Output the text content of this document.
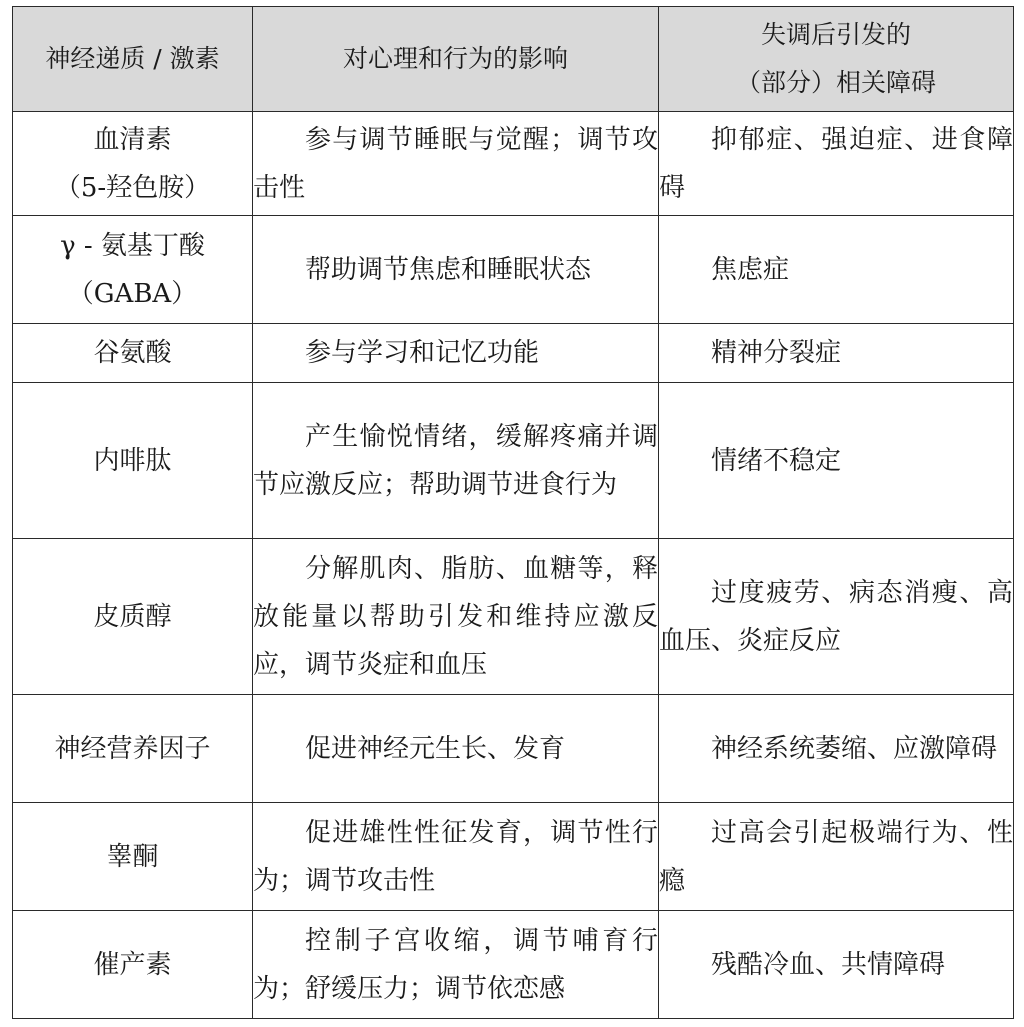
神经递质 / 激素	对心理和行为的影响	失调后引发的
（部分）相关障碍

血清素
（5-羟色胺）	参与调节睡眠与觉醒；调节攻击性	抑郁症、强迫症、进食障碍

γ - 氨基丁酸
（GABA）	帮助调节焦虑和睡眠状态	焦虑症

谷氨酸	参与学习和记忆功能	精神分裂症

内啡肽	产生愉悦情绪，缓解疼痛并调节应激反应；帮助调节进食行为	情绪不稳定

皮质醇	分解肌肉、脂肪、血糖等，释放能量以帮助引发和维持应激反应，调节炎症和血压	过度疲劳、病态消瘦、高血压、炎症反应

神经营养因子	促进神经元生长、发育	神经系统萎缩、应激障碍

睾酮	促进雄性性征发育，调节性行为；调节攻击性	过高会引起极端行为、性瘾

催产素	控制子宫收缩，调节哺育行为；舒缓压力；调节依恋感	残酷冷血、共情障碍
